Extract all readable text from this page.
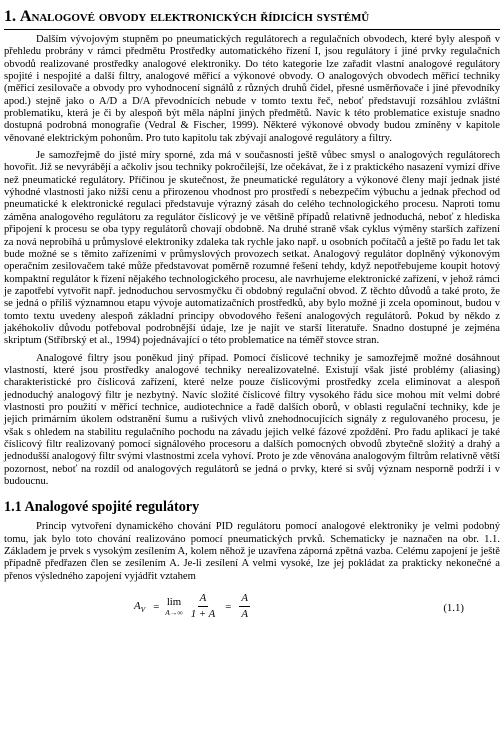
1. Analogové obvody elektronických řídicích systémů

Dalším vývojovým stupněm po pneumatických regulátorech a regulačních obvodech, které byly alespoň v přehledu probrány v rámci předmětu Prostředky automatického řízení I, jsou regulátory i jiné prvky regulačních obvodů realizované prostředky analogové elektroniky. Do této kategorie lze zařadit vlastní analogové regulátory spojité i nespojité a další filtry, analogové měřicí a výkonové obvody. O analogových obvodech měřicí techniky (měřicí zesilovače a obvody pro vyhodnocení signálů z různých druhů čidel, přesné usměrňovače i jiné převodníky apod.) stejně jako o A/D a D/A převodnících nebude v tomto textu řeč, neboť představují rozsáhlou zvláštní problematiku, která je či by alespoň být měla náplní jiných předmětů. Navíc k této problematice existuje snadno dostupná podrobná monografie (Vedral & Fischer, 1999). Některé výkonové obvody budou zmíněny v kapitole věnované elektrickým pohonům. Pro tuto kapitolu tak zbývají analogové regulátory a filtry.

Je samozřejmě do jisté míry sporné, zda má v současnosti ještě vůbec smysl o analogových regulátorech hovořit. Již se nevyrábějí a ačkoliv jsou techniky pokročilejší, lze očekávat, že i z praktického nasazení vymizí dříve než pneumatické regulátory. Příčinou je skutečnost, že pneumatické regulátory a výkonové členy mají jednak jisté výhodné vlastnosti jako nižší cenu a přirozenou vhodnost pro prostředí s nebezpečím výbuchu a jednak přechod od pneumatické k elektronické regulaci představuje výrazný zásah do celého technologického procesu. Naproti tomu záměna analogového regulátoru za regulátor číslicový je ve většině případů relativně jednoduchá, neboť z hlediska připojení k procesu se oba typy regulátorů chovají obdobně. Na druhé straně však cyklus výměny starších zařízení za nová neprobíhá u průmyslové elektroniky zdaleka tak rychle jako např. u osobních počítačů a ještě po řadu let tak bude možné se s těmito zařízeními v průmyslových provozech setkat. Analogový regulátor doplněný výkonovým operačním zesilovačem také může představovat poměrně rozumné řešení tehdy, když nepotřebujeme koupit hotový kompaktní regulátor k řízení nějakého technologického procesu, ale navrhujeme elektronické zařízení, v jehož rámci je zapotřebí vytvořit např. jednoduchou servosmyčku či obdobný regulační obvod. Z těchto důvodů a také proto, že se jedná o příliš významnou etapu vývoje automatizačních prostředků, aby bylo možné ji zcela opominout, budou v tomto textu uvedeny alespoň základní principy obvodového řešení analogových regulátorů. Pokud by někdo z jakéhokoliv důvodu potřeboval podrobnější údaje, lze je najít ve starší literatuře. Snadno dostupné je zejména skriptum (Stříbrský et al., 1994) pojednávající o této problematice na téměř stovce stran.

Analogové filtry jsou poněkud jiný případ. Pomocí číslicové techniky je samozřejmě možné dosáhnout vlastností, které jsou prostředky analogové techniky nerealizovatelné. Existují však jisté problémy (aliasing) charakteristické pro číslicová zařízení, které nelze pouze číslicovými prostředky zcela eliminovat a alespoň jednoduchý analogový filtr je nezbytný. Navíc složité číslicové filtry vysokého řádu sice mohou mít velmi dobré vlastnosti pro použití v měřicí technice, audiotechnice a řadě dalších oborů, v oblasti regulační techniky, kde je jejich primárním úkolem odstranění šumu a rušivých vlivů znehodnocujících signály z regulovaného procesu, je však s ohledem na stabilitu regulačního pochodu na závadu jejich velké fázové zpoždění. Pro řadu aplikací je také číslicový filtr realizovaný pomocí signálového procesoru a dalších pomocných obvodů zbytečně složitý a drahý a jednodušší analogový filtr svými vlastnostmi zcela vyhoví. Proto je zde věnována analogovým filtrům relativně větší pozornost, neboť na rozdíl od analogových regulátorů se jedná o prvky, které si svůj význam nesporně podrží i v budoucnu.

1.1 Analogové spojité regulátory

Princip vytvoření dynamického chování PID regulátoru pomocí analogové elektroniky je velmi podobný tomu, jak bylo toto chování realizováno pomocí pneumatických prvků. Schematicky je naznačen na obr. 1.1. Základem je prvek s vysokým zesílením A, kolem něhož je uzavřena záporná zpětná vazba. Celému zapojení je ještě případně předřazen člen se zesílením A. Je-li zesílení A velmi vysoké, lze jej pokládat za prakticky nekonečné a přenos výsledného zapojení vyjádřit vztahem

$A_V = \lim$
$A\to\infty \frac{A}{1 + A} = \frac{A}{A}$	(1.1)
